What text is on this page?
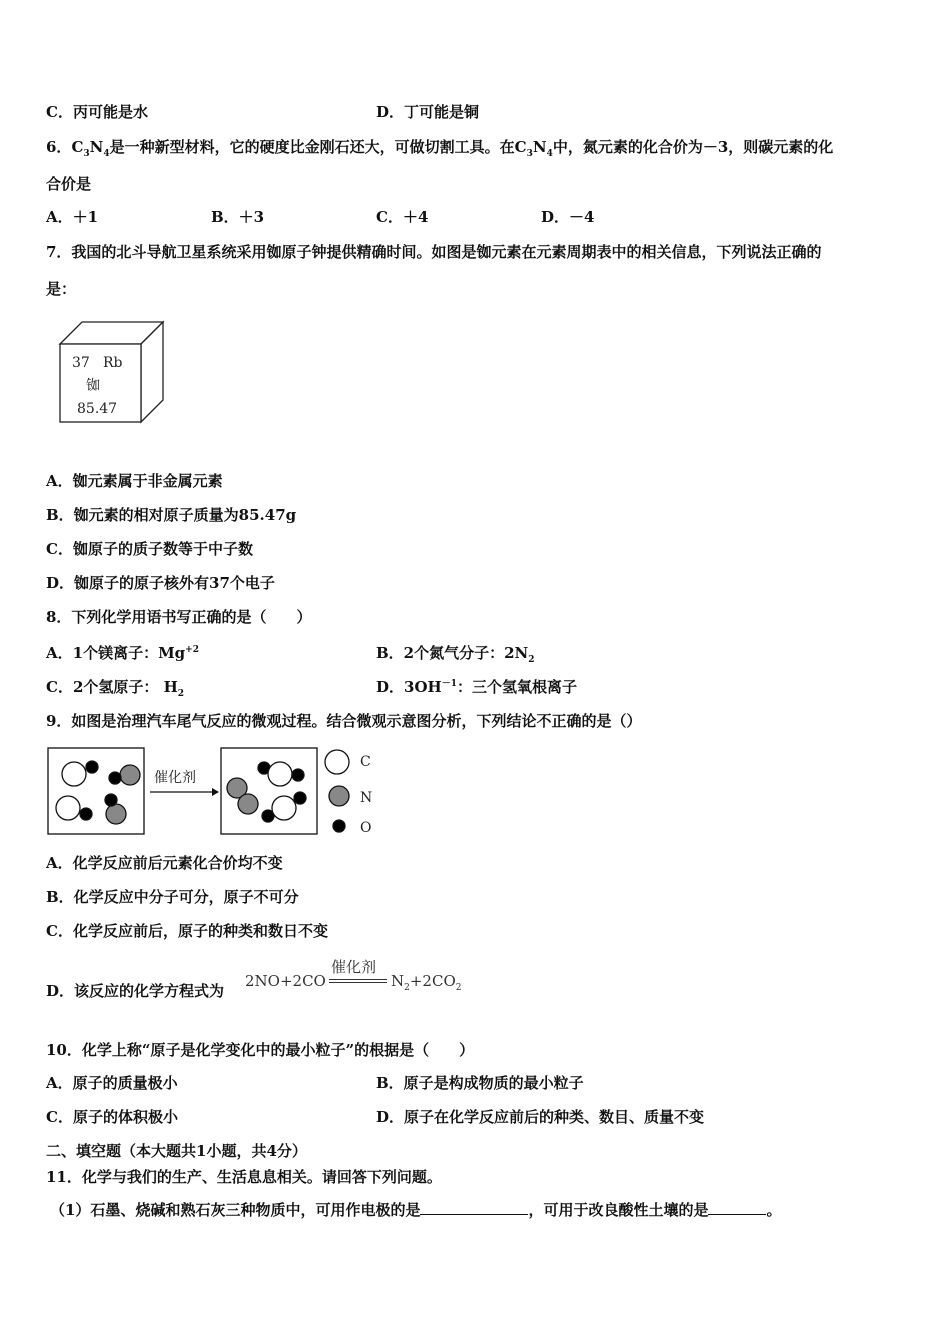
C．丙可能是水	D．丁可能是铜
6．$C_3N_4$是一种新型材料，它的硬度比金刚石还大，可做切割工具。在$C_3N_4$中，氮元素的化合价为－3，则碳元素的化
合价是
A．＋1	B．＋3	C．＋4	D．－4
7．我国的北斗导航卫星系统采用铷原子钟提供精确时间。如图是铷元素在元素周期表中的相关信息，下列说法正确的
是：
37 Rb
铷
85.47
A．铷元素属于非金属元素
B．铷元素的相对原子质量为85.47g
C．铷原子的质子数等于中子数
D．铷原子的原子核外有37个电子
8．下列化学用语书写正确的是（　　）
A．1个镁离子：$Mg^{+2}$	B．2个氮气分子：$2N_2$
C．2个氢原子： $H_2$	D．$3OH^{-1}$：三个氢氧根离子
9．如图是治理汽车尾气反应的微观过程。结合微观示意图分析，下列结论不正确的是（）
催化剂
C
N
O
A．化学反应前后元素化合价均不变
B．化学反应中分子可分，原子不可分
C．化学反应前后，原子的种类和数日不变
D．该反应的化学方程式为
2NO+2CO
催化剂
$N_2+2CO_2$
10．化学上称“原子是化学变化中的最小粒子”的根据是（　　）
A．原子的质量极小	B．原子是构成物质的最小粒子
C．原子的体积极小	D．原子在化学反应前后的种类、数目、质量不变
二、填空题（本大题共1小题，共4分）
11．化学与我们的生产、生活息息相关。请回答下列问题。
（1）石墨、烧碱和熟石灰三种物质中，可用作电极的是	，可用于改良酸性土壤的是	。
